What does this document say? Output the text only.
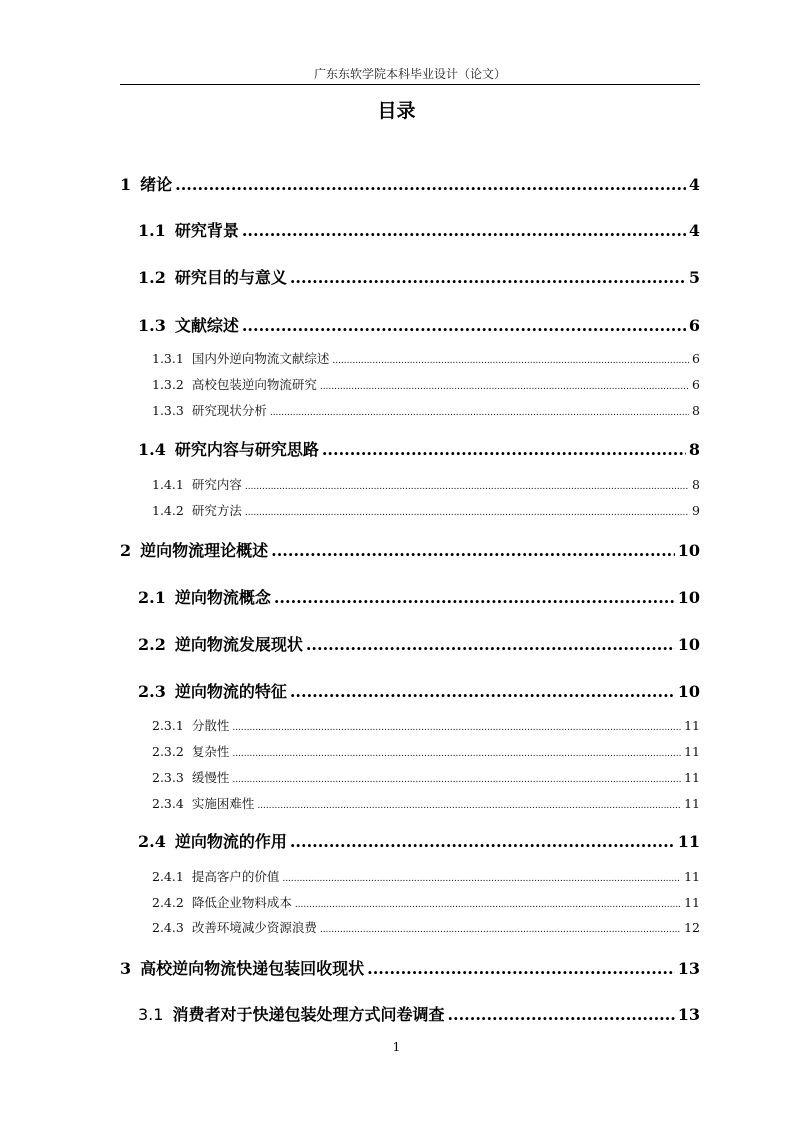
广东东软学院本科毕业设计（论文）
目录
1 绪论 .....	4
1.1 研究背景 .....	4
1.2 研究目的与意义 .....	5
1.3 文献综述 .....	6
1.3.1 国内外逆向物流文献综述 .....	6
1.3.2 高校包装逆向物流研究 .....	6
1.3.3 研究现状分析 .....	8
1.4 研究内容与研究思路 .....	8
1.4.1 研究内容 .....	8
1.4.2 研究方法 .....	9
2 逆向物流理论概述 .....	10
2.1 逆向物流概念 .....	10
2.2 逆向物流发展现状 .....	10
2.3 逆向物流的特征 .....	10
2.3.1 分散性 .....	11
2.3.2 复杂性 .....	11
2.3.3 缓慢性 .....	11
2.3.4 实施困难性 .....	11
2.4 逆向物流的作用 .....	11
2.4.1 提高客户的价值 .....	11
2.4.2 降低企业物料成本 .....	11
2.4.3 改善环境减少资源浪费 .....	12
3 高校逆向物流快递包装回收现状 .....	13
3.1 消费者对于快递包装处理方式问卷调查 .....	13
1
